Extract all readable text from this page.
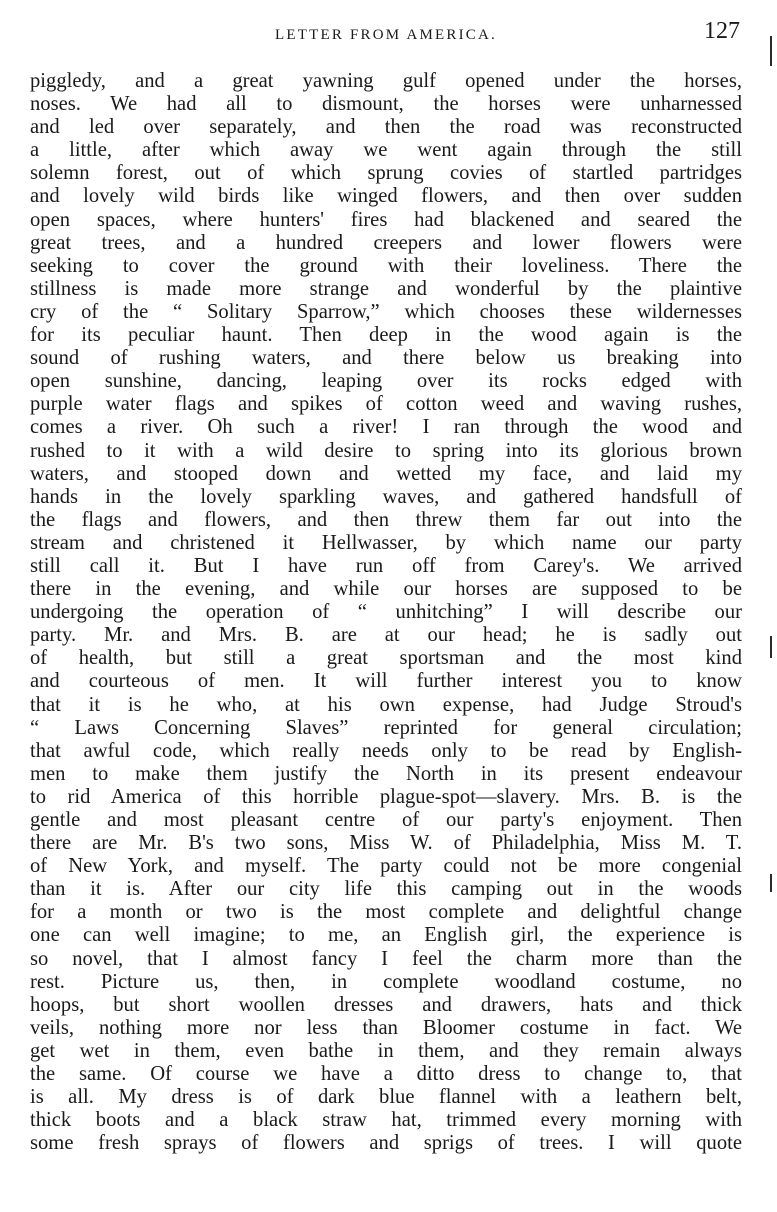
LETTER FROM AMERICA.	127
piggledy, and a great yawning gulf opened under the horses,
noses. We had all to dismount, the horses were unharnessed
and led over separately, and then the road was reconstructed
a little, after which away we went again through the still
solemn forest, out of which sprung covies of startled partridges
and lovely wild birds like winged flowers, and then over sudden
open spaces, where hunters' fires had blackened and seared the
great trees, and a hundred creepers and lower flowers were
seeking to cover the ground with their loveliness. There the
stillness is made more strange and wonderful by the plaintive
cry of the “ Solitary Sparrow,” which chooses these wildernesses
for its peculiar haunt. Then deep in the wood again is the
sound of rushing waters, and there below us breaking into
open sunshine, dancing, leaping over its rocks edged with
purple water flags and spikes of cotton weed and waving rushes,
comes a river. Oh such a river! I ran through the wood and
rushed to it with a wild desire to spring into its glorious brown
waters, and stooped down and wetted my face, and laid my
hands in the lovely sparkling waves, and gathered handsfull of
the flags and flowers, and then threw them far out into the
stream and christened it Hellwasser, by which name our party
still call it. But I have run off from Carey's. We arrived
there in the evening, and while our horses are supposed to be
undergoing the operation of “ unhitching” I will describe our
party. Mr. and Mrs. B. are at our head; he is sadly out
of health, but still a great sportsman and the most kind
and courteous of men. It will further interest you to know
that it is he who, at his own expense, had Judge Stroud's
“ Laws Concerning Slaves” reprinted for general circulation;
that awful code, which really needs only to be read by English-
men to make them justify the North in its present endeavour
to rid America of this horrible plague-spot—slavery. Mrs. B. is the
gentle and most pleasant centre of our party's enjoyment. Then
there are Mr. B's two sons, Miss W. of Philadelphia, Miss M. T.
of New York, and myself. The party could not be more congenial
than it is. After our city life this camping out in the woods
for a month or two is the most complete and delightful change
one can well imagine; to me, an English girl, the experience is
so novel, that I almost fancy I feel the charm more than the
rest. Picture us, then, in complete woodland costume, no
hoops, but short woollen dresses and drawers, hats and thick
veils, nothing more nor less than Bloomer costume in fact. We
get wet in them, even bathe in them, and they remain always
the same. Of course we have a ditto dress to change to, that
is all. My dress is of dark blue flannel with a leathern belt,
thick boots and a black straw hat, trimmed every morning with
some fresh sprays of flowers and sprigs of trees. I will quote
